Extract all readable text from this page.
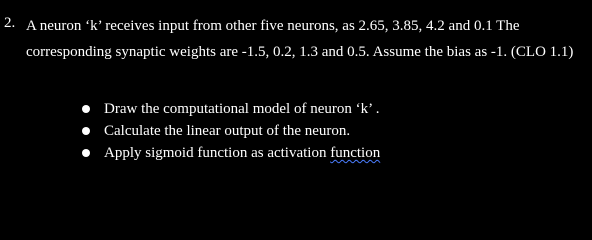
2. A neuron ‘k’ receives input from other five neurons, as 2.65, 3.85, 4.2 and 0.1 The corresponding synaptic weights are -1.5, 0.2, 1.3 and 0.5. Assume the bias as -1. (CLO 1.1)
Draw the computational model of neuron ‘k’ .
Calculate the linear output of the neuron.
Apply sigmoid function as activation function
